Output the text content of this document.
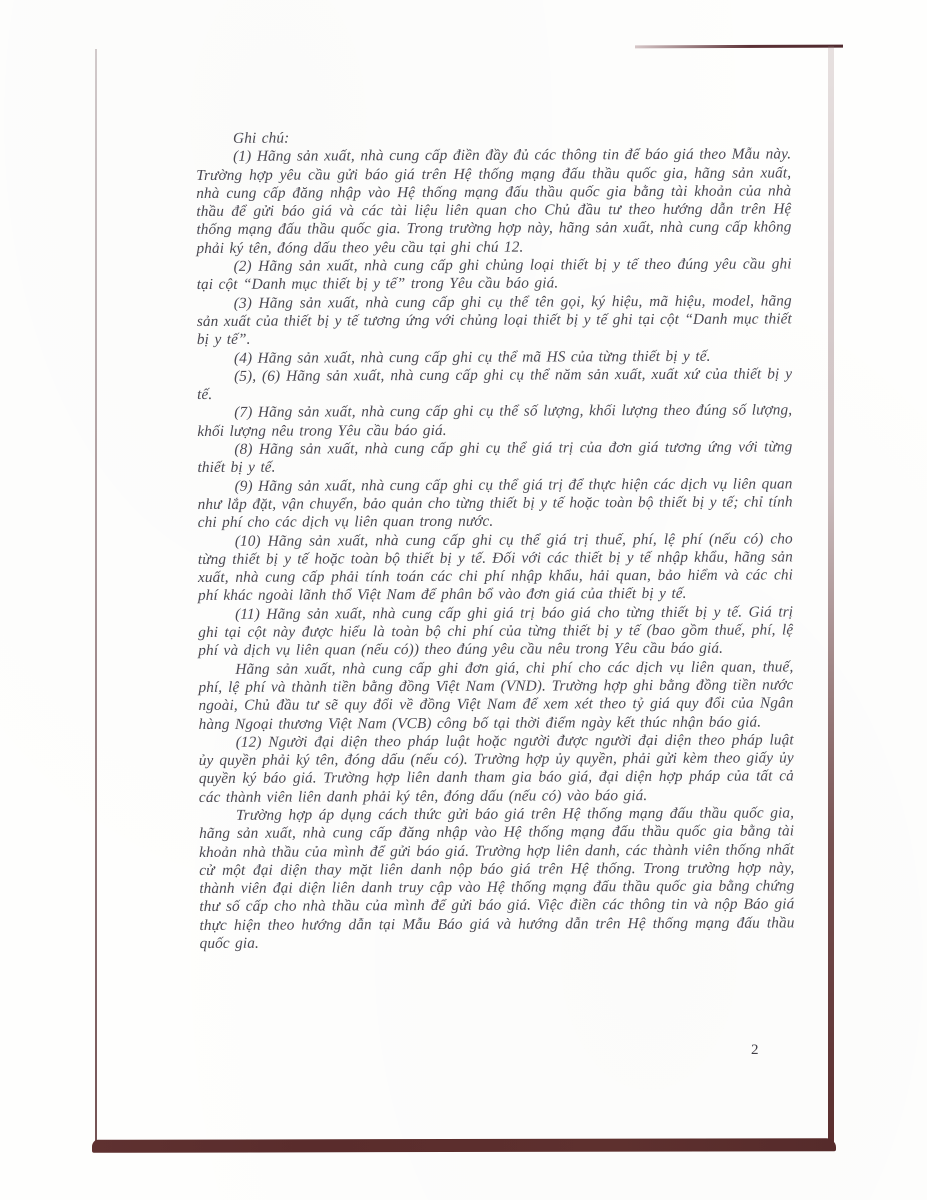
Ghi chú:

(1) Hãng sản xuất, nhà cung cấp điền đầy đủ các thông tin để báo giá theo Mẫu này. Trường hợp yêu cầu gửi báo giá trên Hệ thống mạng đấu thầu quốc gia, hãng sản xuất, nhà cung cấp đăng nhập vào Hệ thống mạng đấu thầu quốc gia bằng tài khoản của nhà thầu để gửi báo giá và các tài liệu liên quan cho Chủ đầu tư theo hướng dẫn trên Hệ thống mạng đấu thầu quốc gia. Trong trường hợp này, hãng sản xuất, nhà cung cấp không phải ký tên, đóng dấu theo yêu cầu tại ghi chú 12.

(2) Hãng sản xuất, nhà cung cấp ghi chủng loại thiết bị y tế theo đúng yêu cầu ghi tại cột “Danh mục thiết bị y tế” trong Yêu cầu báo giá.

(3) Hãng sản xuất, nhà cung cấp ghi cụ thể tên gọi, ký hiệu, mã hiệu, model, hãng sản xuất của thiết bị y tế tương ứng với chủng loại thiết bị y tế ghi tại cột “Danh mục thiết bị y tế”.

(4) Hãng sản xuất, nhà cung cấp ghi cụ thể mã HS của từng thiết bị y tế.

(5), (6) Hãng sản xuất, nhà cung cấp ghi cụ thể năm sản xuất, xuất xứ của thiết bị y tế.

(7) Hãng sản xuất, nhà cung cấp ghi cụ thể số lượng, khối lượng theo đúng số lượng, khối lượng nêu trong Yêu cầu báo giá.

(8) Hãng sản xuất, nhà cung cấp ghi cụ thể giá trị của đơn giá tương ứng với từng thiết bị y tế.

(9) Hãng sản xuất, nhà cung cấp ghi cụ thể giá trị để thực hiện các dịch vụ liên quan như lắp đặt, vận chuyển, bảo quản cho từng thiết bị y tế hoặc toàn bộ thiết bị y tế; chỉ tính chi phí cho các dịch vụ liên quan trong nước.

(10) Hãng sản xuất, nhà cung cấp ghi cụ thể giá trị thuế, phí, lệ phí (nếu có) cho từng thiết bị y tế hoặc toàn bộ thiết bị y tế. Đối với các thiết bị y tế nhập khẩu, hãng sản xuất, nhà cung cấp phải tính toán các chi phí nhập khẩu, hải quan, bảo hiểm và các chi phí khác ngoài lãnh thổ Việt Nam để phân bổ vào đơn giá của thiết bị y tế.

(11) Hãng sản xuất, nhà cung cấp ghi giá trị báo giá cho từng thiết bị y tế. Giá trị ghi tại cột này được hiểu là toàn bộ chi phí của từng thiết bị y tế (bao gồm thuế, phí, lệ phí và dịch vụ liên quan (nếu có)) theo đúng yêu cầu nêu trong Yêu cầu báo giá.

Hãng sản xuất, nhà cung cấp ghi đơn giá, chi phí cho các dịch vụ liên quan, thuế, phí, lệ phí và thành tiền bằng đồng Việt Nam (VND). Trường hợp ghi bằng đồng tiền nước ngoài, Chủ đầu tư sẽ quy đổi về đồng Việt Nam để xem xét theo tỷ giá quy đổi của Ngân hàng Ngoại thương Việt Nam (VCB) công bố tại thời điểm ngày kết thúc nhận báo giá.

(12) Người đại diện theo pháp luật hoặc người được người đại diện theo pháp luật ủy quyền phải ký tên, đóng dấu (nếu có). Trường hợp ủy quyền, phải gửi kèm theo giấy ủy quyền ký báo giá. Trường hợp liên danh tham gia báo giá, đại diện hợp pháp của tất cả các thành viên liên danh phải ký tên, đóng dấu (nếu có) vào báo giá.

Trường hợp áp dụng cách thức gửi báo giá trên Hệ thống mạng đấu thầu quốc gia, hãng sản xuất, nhà cung cấp đăng nhập vào Hệ thống mạng đấu thầu quốc gia bằng tài khoản nhà thầu của mình để gửi báo giá. Trường hợp liên danh, các thành viên thống nhất cử một đại diện thay mặt liên danh nộp báo giá trên Hệ thống. Trong trường hợp này, thành viên đại diện liên danh truy cập vào Hệ thống mạng đấu thầu quốc gia bằng chứng thư số cấp cho nhà thầu của mình để gửi báo giá. Việc điền các thông tin và nộp Báo giá thực hiện theo hướng dẫn tại Mẫu Báo giá và hướng dẫn trên Hệ thống mạng đấu thầu quốc gia.

2
